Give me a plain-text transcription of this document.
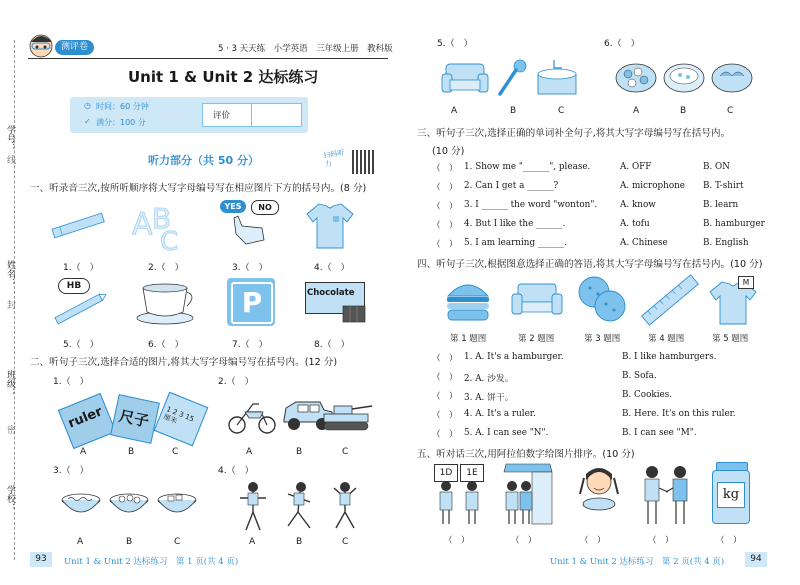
学号：
线
姓名：
封
班级：
密
学校：
测评卷	5 · 3 天天练　小学英语　三年级上册　教科版
Unit 1 & Unit 2 达标练习
◷ 时间：60 分钟
✓ 满分：100 分
评价
扫码听力
听力部分（共 50 分）
一、听录音三次,按所听顺序将大写字母编号写在相应图片下方的括号内。(8 分)
A B
C
YES	NO
1.（　）	2.（　）	3.（　）	4.（　）
HB	P	Chocolate
5.（　）	6.（　）	7.（　）	8.（　）
二、听句子三次,选择合适的图片,将其大写字母编号写在括号内。(12 分)
1.（　）	2.（　）
ruler 尺子	1 2 3 15厘米
A	B	C	A	B	C
3.（　）	4.（　）
A	B	C	A	B	C
93	Unit 1 & Unit 2 达标练习　第 1 页(共 4 页)
5.（　）	6.（　）
A	B	C	A	B	C
三、听句子三次,选择正确的单词补全句子,将其大写字母编号写在括号内。
(10 分)
（　） 1. Show me "______", please.	A. OFF	B. ON
（　） 2. Can I get a ______?	A. microphone B. T-shirt
（　） 3. I ______ the word "wonton".	A. know	B. learn
（　） 4. But I like the ______.	A. tofu	B. hamburger
（　） 5. I am learning ______.	A. Chinese	B. English
四、听句子三次,根据图意选择正确的答语,将其大写字母编号写在括号内。(10 分)
M
第 1 题图	第 2 题图	第 3 题图	第 4 题图	第 5 题图
（　） 1. A. It's a hamburger.	B. I like hamburgers.
（　） 2. A. 沙发。	B. Sofa.
（　） 3. A. 饼干。	B. Cookies.
（　） 4. A. It's a ruler.	B. Here. It's on this ruler.
（　） 5. A. I can see "N".	B. I can see "M".
五、听对话三次,用阿拉伯数字给图片排序。(10 分)
1D	1E
kg
（　）	（　）	（　）	（　）	（　）
Unit 1 & Unit 2 达标练习　第 2 页(共 4 页)	94
